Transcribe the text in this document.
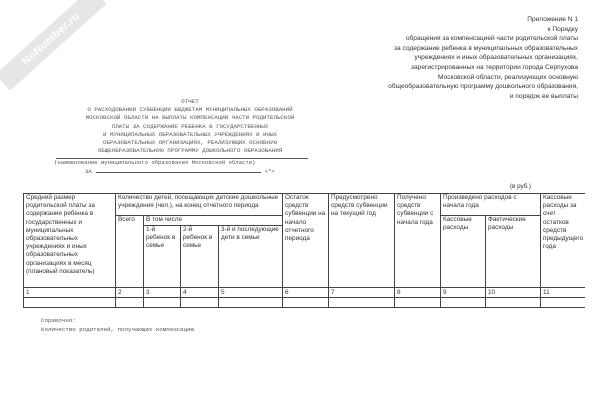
NoNumber.ru	Приложение N 1
к Порядку
обращения за компенсацией части родительской платы
за содержание ребенка в муниципальных образовательных
учреждениях и иных образовательных организациях,
зарегистрированных на территории города Серпухова
Московской области, реализующих основную
общеобразовательную программу дошкольного образования,
и порядок ее выплаты
ОТЧЕТ
О РАСХОДОВАНИИ СУБВЕНЦИИ БЮДЖЕТАМ МУНИЦИПАЛЬНЫХ ОБРАЗОВАНИЙ
МОСКОВСКОЙ ОБЛАСТИ НА ВЫПЛАТЫ КОМПЕНСАЦИИ ЧАСТИ РОДИТЕЛЬСКОЙ
ПЛАТЫ ЗА СОДЕРЖАНИЕ РЕБЕНКА В ГОСУДАРСТВЕННЫХ
И МУНИЦИПАЛЬНЫХ ОБРАЗОВАТЕЛЬНЫХ УЧРЕЖДЕНИЯХ И ИНЫХ
ОБРАЗОВАТЕЛЬНЫХ ОРГАНИЗАЦИЯХ, РЕАЛИЗУЮЩИХ ОСНОВНУЮ
ОБЩЕОБРАЗОВАТЕЛЬНУЮ ПРОГРАММУ ДОШКОЛЬНОГО ОБРАЗОВАНИЯ
(наименование муниципального образования Московской области)
ЗА	<*>
(в руб.)
Средний размер родительской платы за содержание ребенка в государственных и муниципальных образовательных учреждениях и иных образовательных организациях в месяц (плановый показатель)	Количество детей, посещающих детские дошкольные учреждения (чел.), на конец отчетного периода				Остаток средств субвенции на начало отчетного периода	Предусмотрено средств субвенции на текущий год	Получено средств субвенции с начала года	Произведено расходов с начала года		Кассовые расходы за счет остатков средств предыдущего года
	Всего	В том числе						Кассовые расходы	Фактические расходы	
		1-й ребенок в семье	2-й ребенок в семье	3-й и последующие дети в семье						
1	2	3	4	5	6	7	8	9	10	11

Справочно:
Количество родителей, получающих компенсацию
